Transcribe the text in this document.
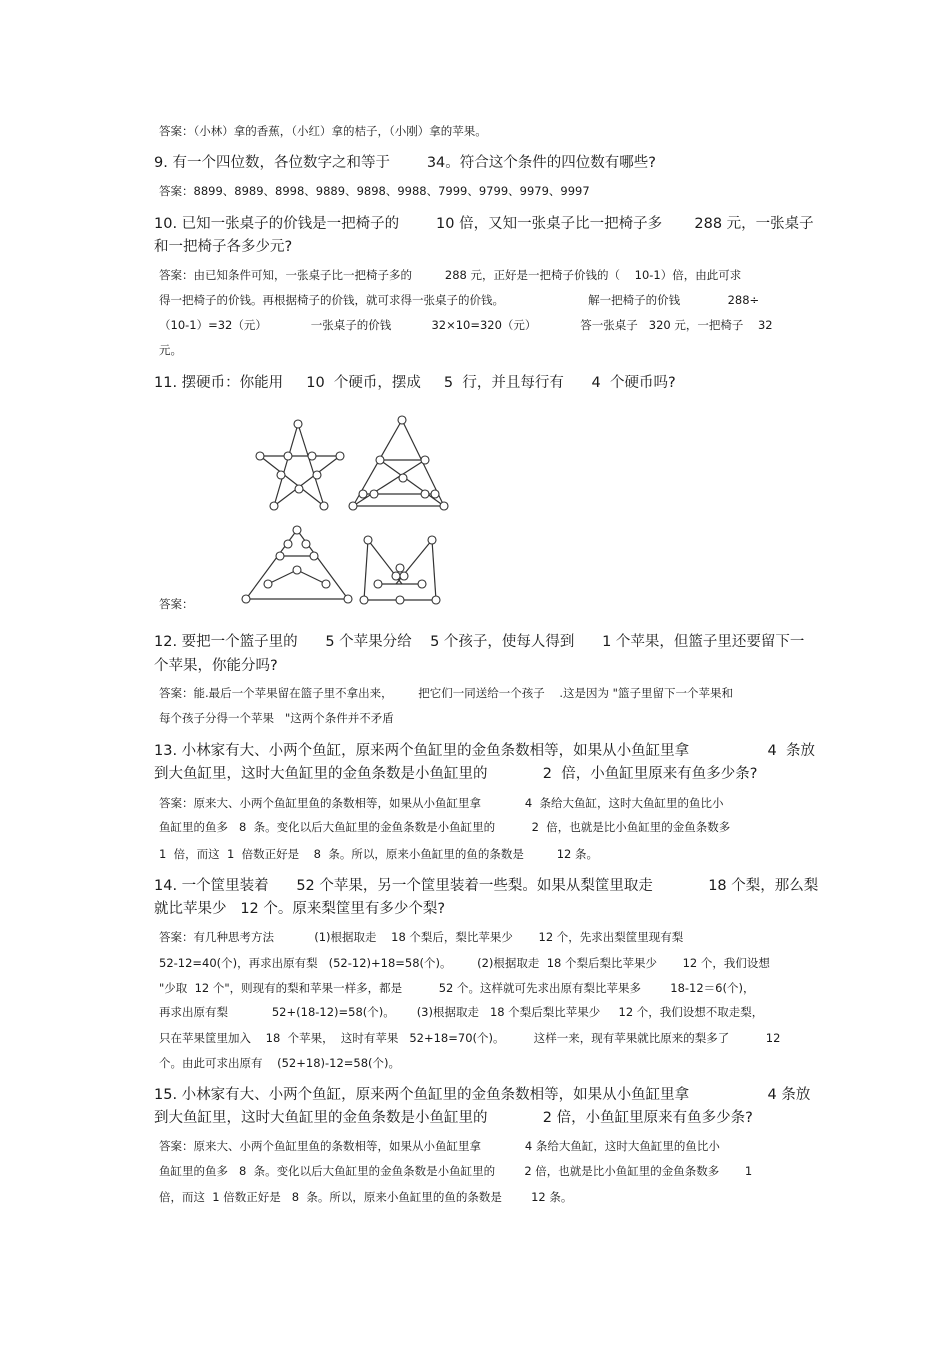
答案：（小林）拿的香蕉，（小红）拿的桔子，（小刚）拿的苹果。
9. 有一个四位数，各位数字之和等于        34。符合这个条件的四位数有哪些?
答案：8899、8989、8998、9889、9898、9988、7999、9799、9979、9997
10. 已知一张桌子的价钱是一把椅子的        10 倍，又知一张桌子比一把椅子多       288 元，一张桌子
和一把椅子各多少元?
答案：由已知条件可知，一张桌子比一把椅子多的         288 元，正好是一把椅子价钱的（    10-1）倍，由此可求
得一把椅子的价钱。再根据椅子的价钱，就可求得一张桌子的价钱。                       解一把椅子的价钱             288÷
（10-1）=32（元）            一张桌子的价钱           32×10=320（元）            答一张桌子   320 元，一把椅子    32
元。
11. 摆硬币：你能用     10  个硬币，摆成     5  行，并且每行有      4  个硬币吗?
答案：
12. 要把一个篮子里的      5 个苹果分给    5 个孩子，使每人得到      1 个苹果，但篮子里还要留下一
个苹果，你能分吗?
答案：能.最后一个苹果留在篮子里不拿出来，       把它们一同送给一个孩子    .这是因为 "篮子里留下一个苹果和
每个孩子分得一个苹果   "这两个条件并不矛盾
13. 小林家有大、小两个鱼缸，原来两个鱼缸里的金鱼条数相等，如果从小鱼缸里拿                 4  条放
到大鱼缸里，这时大鱼缸里的金鱼条数是小鱼缸里的            2  倍，小鱼缸里原来有鱼多少条?
答案：原来大、小两个鱼缸里鱼的条数相等，如果从小鱼缸里拿            4  条给大鱼缸，这时大鱼缸里的鱼比小
鱼缸里的鱼多   8  条。变化以后大鱼缸里的金鱼条数是小鱼缸里的          2  倍，也就是比小鱼缸里的金鱼条数多
1  倍，而这  1  倍数正好是    8  条。所以，原来小鱼缸里的鱼的条数是         12 条。
14. 一个筐里装着      52 个苹果，另一个筐里装着一些梨。如果从梨筐里取走            18 个梨，那么梨
就比苹果少   12 个。原来梨筐里有多少个梨?
答案：有几种思考方法           (1)根据取走    18 个梨后，梨比苹果少       12 个，先求出梨筐里现有梨
52-12=40(个)，再求出原有梨   (52-12)+18=58(个)。       (2)根据取走  18 个梨后梨比苹果少       12 个，我们设想
"少取  12 个"，则现有的梨和苹果一样多，都是          52 个。这样就可先求出原有梨比苹果多        18-12＝6(个)，
再求出原有梨            52+(18-12)=58(个)。      (3)根据取走   18 个梨后梨比苹果少     12 个，我们设想不取走梨，
只在苹果筐里加入    18  个苹果，  这时有苹果   52+18=70(个)。        这样一来，现有苹果就比原来的梨多了          12
个。由此可求出原有    (52+18)-12=58(个)。
15. 小林家有大、小两个鱼缸，原来两个鱼缸里的金鱼条数相等，如果从小鱼缸里拿                 4 条放
到大鱼缸里，这时大鱼缸里的金鱼条数是小鱼缸里的            2 倍，小鱼缸里原来有鱼多少条?
答案：原来大、小两个鱼缸里鱼的条数相等，如果从小鱼缸里拿            4 条给大鱼缸，这时大鱼缸里的鱼比小
鱼缸里的鱼多   8  条。变化以后大鱼缸里的金鱼条数是小鱼缸里的        2 倍，也就是比小鱼缸里的金鱼条数多       1
倍，而这  1 倍数正好是   8  条。所以，原来小鱼缸里的鱼的条数是        12 条。
